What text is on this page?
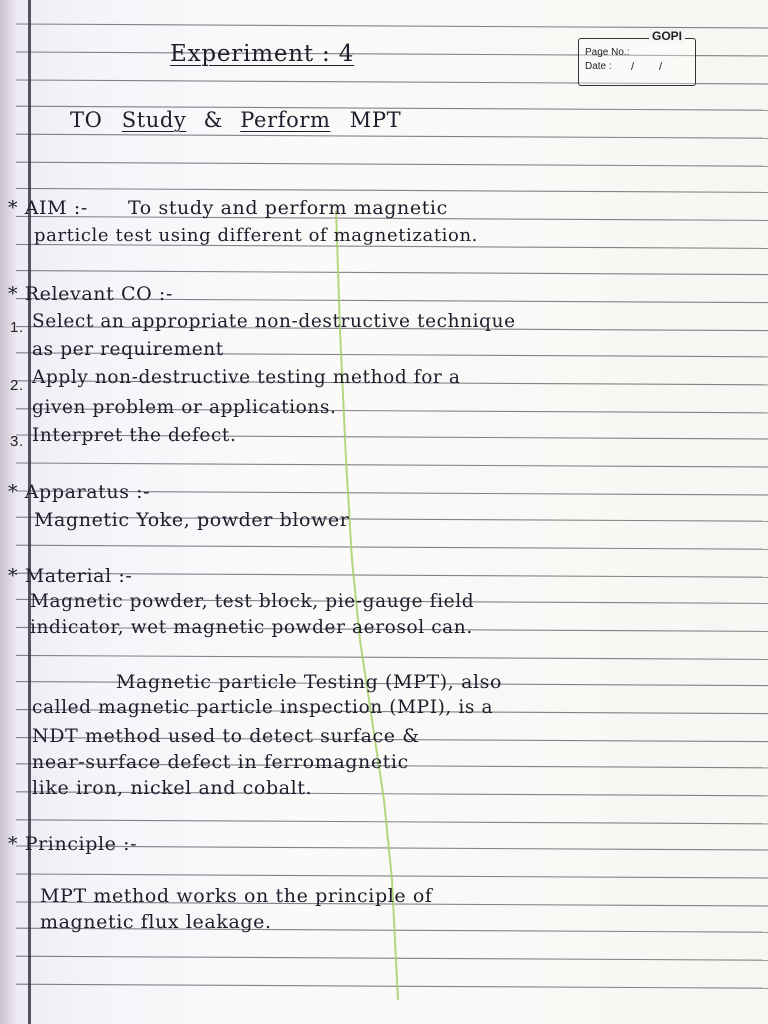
GOPI
Page No.:
Date : / /
Experiment : 4
TO Study & Perform MPT
* AIM :- To study and perform magnetic
particle test using different of magnetization.
* Relevant CO :-
1. Select an appropriate non-destructive technique
as per requirement
2. Apply non-destructive testing method for a
given problem or applications.
3. Interpret the defect.
* Apparatus :-
Magnetic Yoke, powder blower
* Material :-
Magnetic powder, test block, pie-gauge field
indicator, wet magnetic powder aerosol can.
Magnetic particle Testing (MPT), also
called magnetic particle inspection (MPI), is a
NDT method used to detect surface &
near-surface defect in ferromagnetic
like iron, nickel and cobalt.
* Principle :-
MPT method works on the principle of
magnetic flux leakage.
